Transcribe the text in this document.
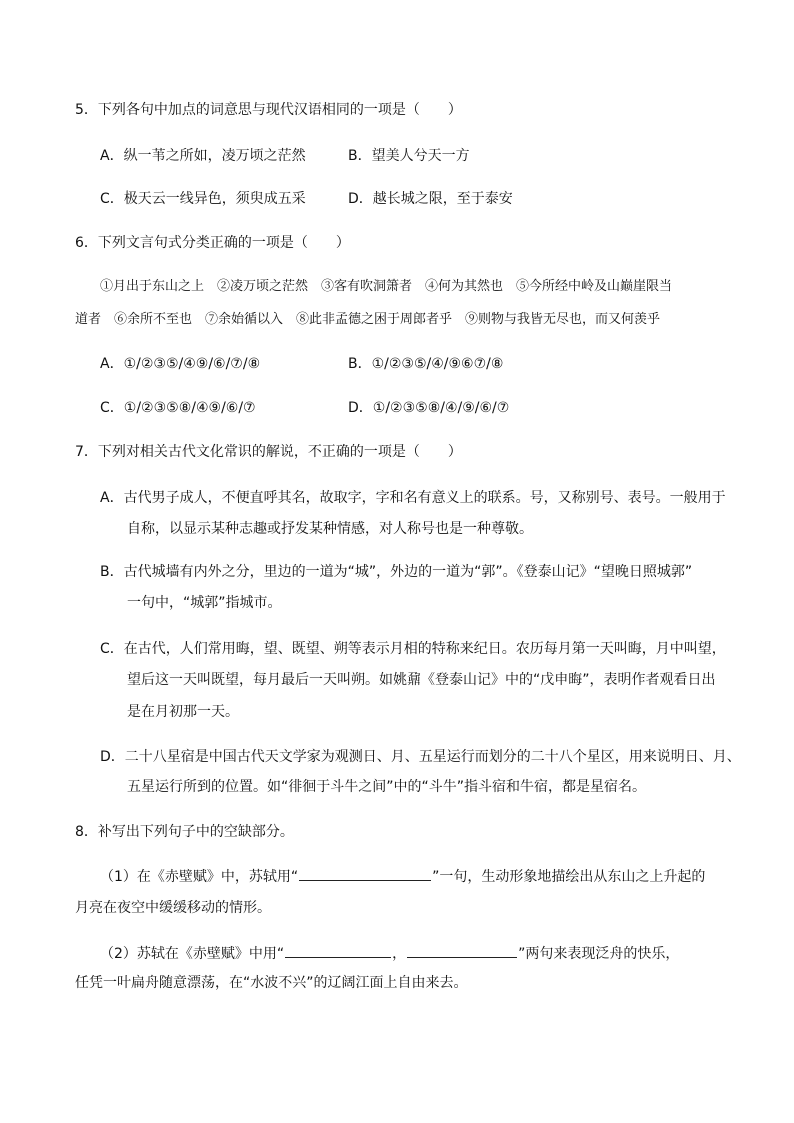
5．下列各句中加点的词意思与现代汉语相同的一项是（　　）
A．纵一苇之所如，凌万顷之茫然	B．望美人兮天一方
C．极天云一线异色，须臾成五采	D．越长城之限，至于泰安
6．下列文言句式分类正确的一项是（　　）
①月出于东山之上　②凌万顷之茫然　③客有吹洞箫者　④何为其然也　⑤今所经中岭及山巅崖限当
道者　⑥余所不至也　⑦余始循以入　⑧此非孟德之困于周郎者乎　⑨则物与我皆无尽也，而又何羡乎
A．①/②③⑤/④⑨/⑥/⑦/⑧	B．①/②③⑤/④/⑨⑥⑦/⑧
C．①/②③⑤⑧/④⑨/⑥/⑦	D．①/②③⑤⑧/④/⑨/⑥/⑦
7．下列对相关古代文化常识的解说，不正确的一项是（　　）
A．古代男子成人，不便直呼其名，故取字，字和名有意义上的联系。号，又称别号、表号。一般用于
自称，以显示某种志趣或抒发某种情感，对人称号也是一种尊敬。
B．古代城墙有内外之分，里边的一道为“城”，外边的一道为“郭”。《登泰山记》“望晚日照城郭”
一句中，“城郭”指城市。
C．在古代，人们常用晦，望、既望、朔等表示月相的特称来纪日。农历每月第一天叫晦，月中叫望，
望后这一天叫既望，每月最后一天叫朔。如姚鼐《登泰山记》中的“戊申晦”，表明作者观看日出
是在月初那一天。
D．二十八星宿是中国古代天文学家为观测日、月、五星运行而划分的二十八个星区，用来说明日、月、
五星运行所到的位置。如“徘徊于斗牛之间”中的“斗牛”指斗宿和牛宿，都是星宿名。
8．补写出下列句子中的空缺部分。
（1）在《赤壁赋》中，苏轼用“	”一句，生动形象地描绘出从东山之上升起的
月亮在夜空中缓缓移动的情形。
（2）苏轼在《赤壁赋》中用“	，	”两句来表现泛舟的快乐，
任凭一叶扁舟随意漂荡，在“水波不兴”的辽阔江面上自由来去。
